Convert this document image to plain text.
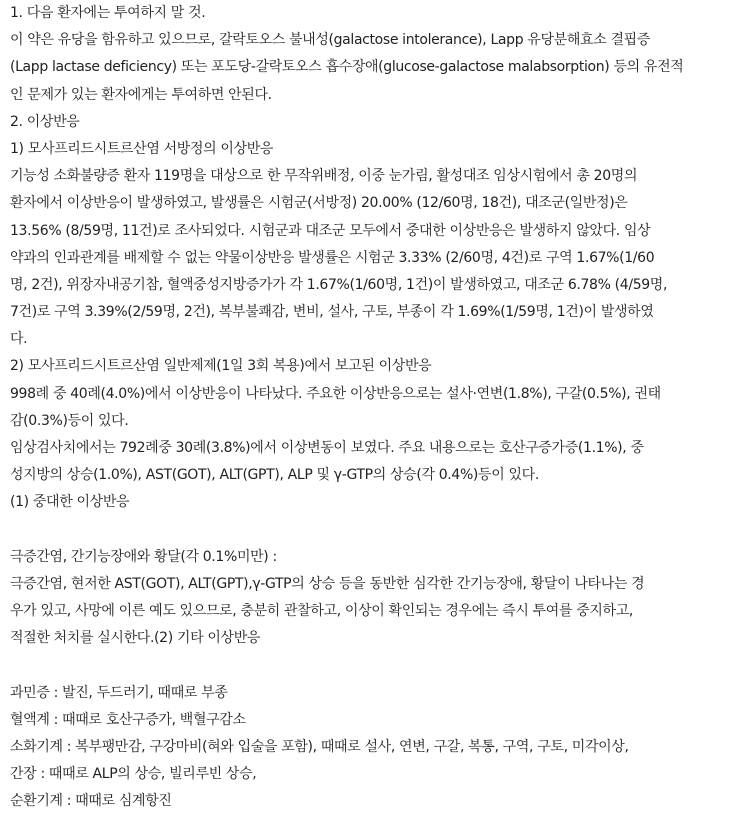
1. 다음 환자에는 투여하지 말 것.
이 약은 유당을 함유하고 있으므로, 갈락토오스 불내성(galactose intolerance), Lapp 유당분해효소 결핍증
(Lapp lactase deficiency) 또는 포도당-갈락토오스 흡수장애(glucose-galactose malabsorption) 등의 유전적
인 문제가 있는 환자에게는 투여하면 안된다.
2. 이상반응
1) 모사프리드시트르산염 서방정의 이상반응
기능성 소화불량증 환자 119명을 대상으로 한 무작위배정, 이중 눈가림, 활성대조 임상시험에서 총 20명의
환자에서 이상반응이 발생하였고, 발생률은 시험군(서방정) 20.00% (12/60명, 18건), 대조군(일반정)은
13.56% (8/59명, 11건)로 조사되었다. 시험군과 대조군 모두에서 중대한 이상반응은 발생하지 않았다. 임상
약과의 인과관계를 배제할 수 없는 약물이상반응 발생률은 시험군 3.33% (2/60명, 4건)로 구역 1.67%(1/60
명, 2건), 위장자내공기참, 혈액중성지방증가가 각 1.67%(1/60명, 1건)이 발생하였고, 대조군 6.78% (4/59명,
7건)로 구역 3.39%(2/59명, 2건), 복부불쾌감, 변비, 설사, 구토, 부종이 각 1.69%(1/59명, 1건)이 발생하였
다.
2) 모사프리드시트르산염 일반제제(1일 3회 복용)에서 보고된 이상반응
998례 중 40례(4.0%)에서 이상반응이 나타났다. 주요한 이상반응으로는 설사·연변(1.8%), 구갈(0.5%), 권태
감(0.3%)등이 있다.
임상검사치에서는 792례중 30례(3.8%)에서 이상변동이 보였다. 주요 내용으로는 호산구증가증(1.1%), 중
성지방의 상승(1.0%), AST(GOT), ALT(GPT), ALP 및 γ-GTP의 상승(각 0.4%)등이 있다.
(1) 중대한 이상반응
극증간염, 간기능장애와 황달(각 0.1%미만) :
극증간염, 현저한 AST(GOT), ALT(GPT),γ-GTP의 상승 등을 동반한 심각한 간기능장애, 황달이 나타나는 경
우가 있고, 사망에 이른 예도 있으므로, 충분히 관찰하고, 이상이 확인되는 경우에는 즉시 투여를 중지하고,
적절한 처치를 실시한다.(2) 기타 이상반응
과민증 : 발진, 두드러기, 때때로 부종
혈액계 : 때때로 호산구증가, 백혈구감소
소화기계 : 복부팽만감, 구강마비(혀와 입술을 포함), 때때로 설사, 연변, 구갈, 복통, 구역, 구토, 미각이상,
간장 : 때때로 ALP의 상승, 빌리루빈 상승,
순환기계 : 때때로 심계항진
